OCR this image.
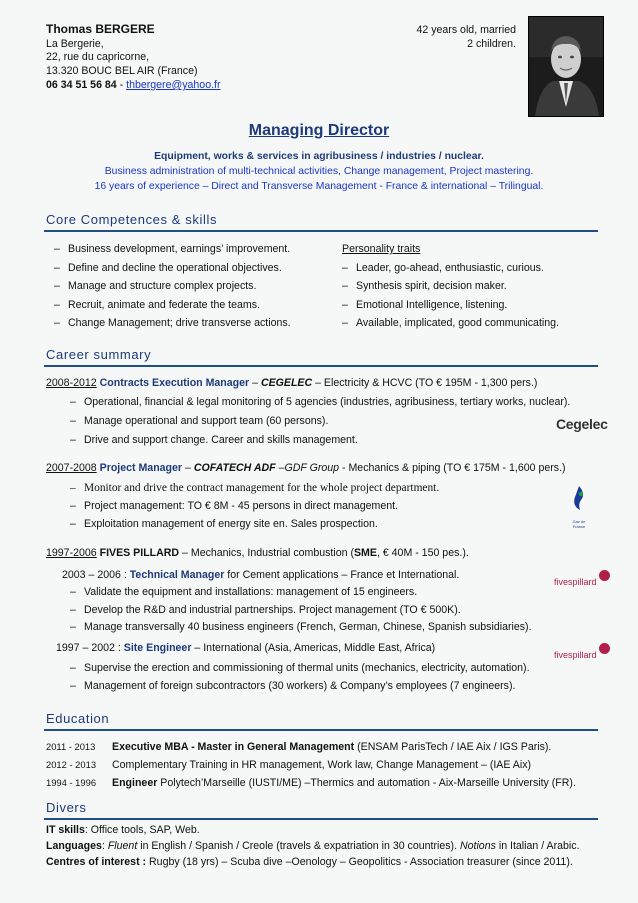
Thomas BERGERE
La Bergerie,
22, rue du capricorne,
13.320 BOUC BEL AIR (France)
06 34 51 56 84 - thbergere@yahoo.fr
42 years old, married
2 children.
Managing Director
Equipment, works & services in agribusiness / industries / nuclear.
Business administration of multi-technical activities, Change management, Project mastering.
16 years of experience – Direct and Transverse Management - France & international – Trilingual.
Core Competences & skills
– Business development, earnings’ improvement.
– Define and decline the operational objectives.
– Manage and structure complex projects.
– Recruit, animate and federate the teams.
– Change Management; drive transverse actions.
Personality traits
– Leader, go-ahead, enthusiastic, curious.
– Synthesis spirit, decision maker.
– Emotional Intelligence, listening.
– Available, implicated, good communicating.
Career summary
2008-2012 Contracts Execution Manager – CEGELEC – Electricity & HCVC (TO € 195M - 1,300 pers.)
– Operational, financial & legal monitoring of 5 agencies (industries, agribusiness, tertiary works, nuclear).
– Manage operational and support team (60 persons).
– Drive and support change. Career and skills management.
Cegelec
2007-2008 Project Manager – COFATECH ADF –GDF Group - Mechanics & piping (TO € 175M - 1,600 pers.)
– Monitor and drive the contract management for the whole project department.
– Project management: TO € 8M - 45 persons in direct management.
– Exploitation management of energy site en. Sales prospection.	Gaz de France
1997-2006 FIVES PILLARD – Mechanics, Industrial combustion (SME, € 40M - 150 pes.).
2003 – 2006 : Technical Manager for Cement applications – France et International.
– Validate the equipment and installations: management of 15 engineers.
– Develop the R&D and industrial partnerships. Project management (TO € 500K).
– Manage transversally 40 business engineers (French, German, Chinese, Spanish subsidiaries).
fivespillard
1997 – 2002 : Site Engineer – International (Asia, Americas, Middle East, Africa)
– Supervise the erection and commissioning of thermal units (mechanics, electricity, automation).
– Management of foreign subcontractors (30 workers) & Company’s employees (7 engineers).
fivespillard
Education
2011 - 2013 Executive MBA - Master in General Management (ENSAM ParisTech / IAE Aix / IGS Paris).
2012 - 2013 Complementary Training in HR management, Work law, Change Management – (IAE Aix)
1994 - 1996 Engineer Polytech’Marseille (IUSTI/ME) –Thermics and automation - Aix-Marseille University (FR).
Divers
IT skills: Office tools, SAP, Web.
Languages: Fluent in English / Spanish / Creole (travels & expatriation in 30 countries). Notions in Italian / Arabic.
Centres of interest : Rugby (18 yrs) – Scuba dive –Oenology – Geopolitics - Association treasurer (since 2011).
